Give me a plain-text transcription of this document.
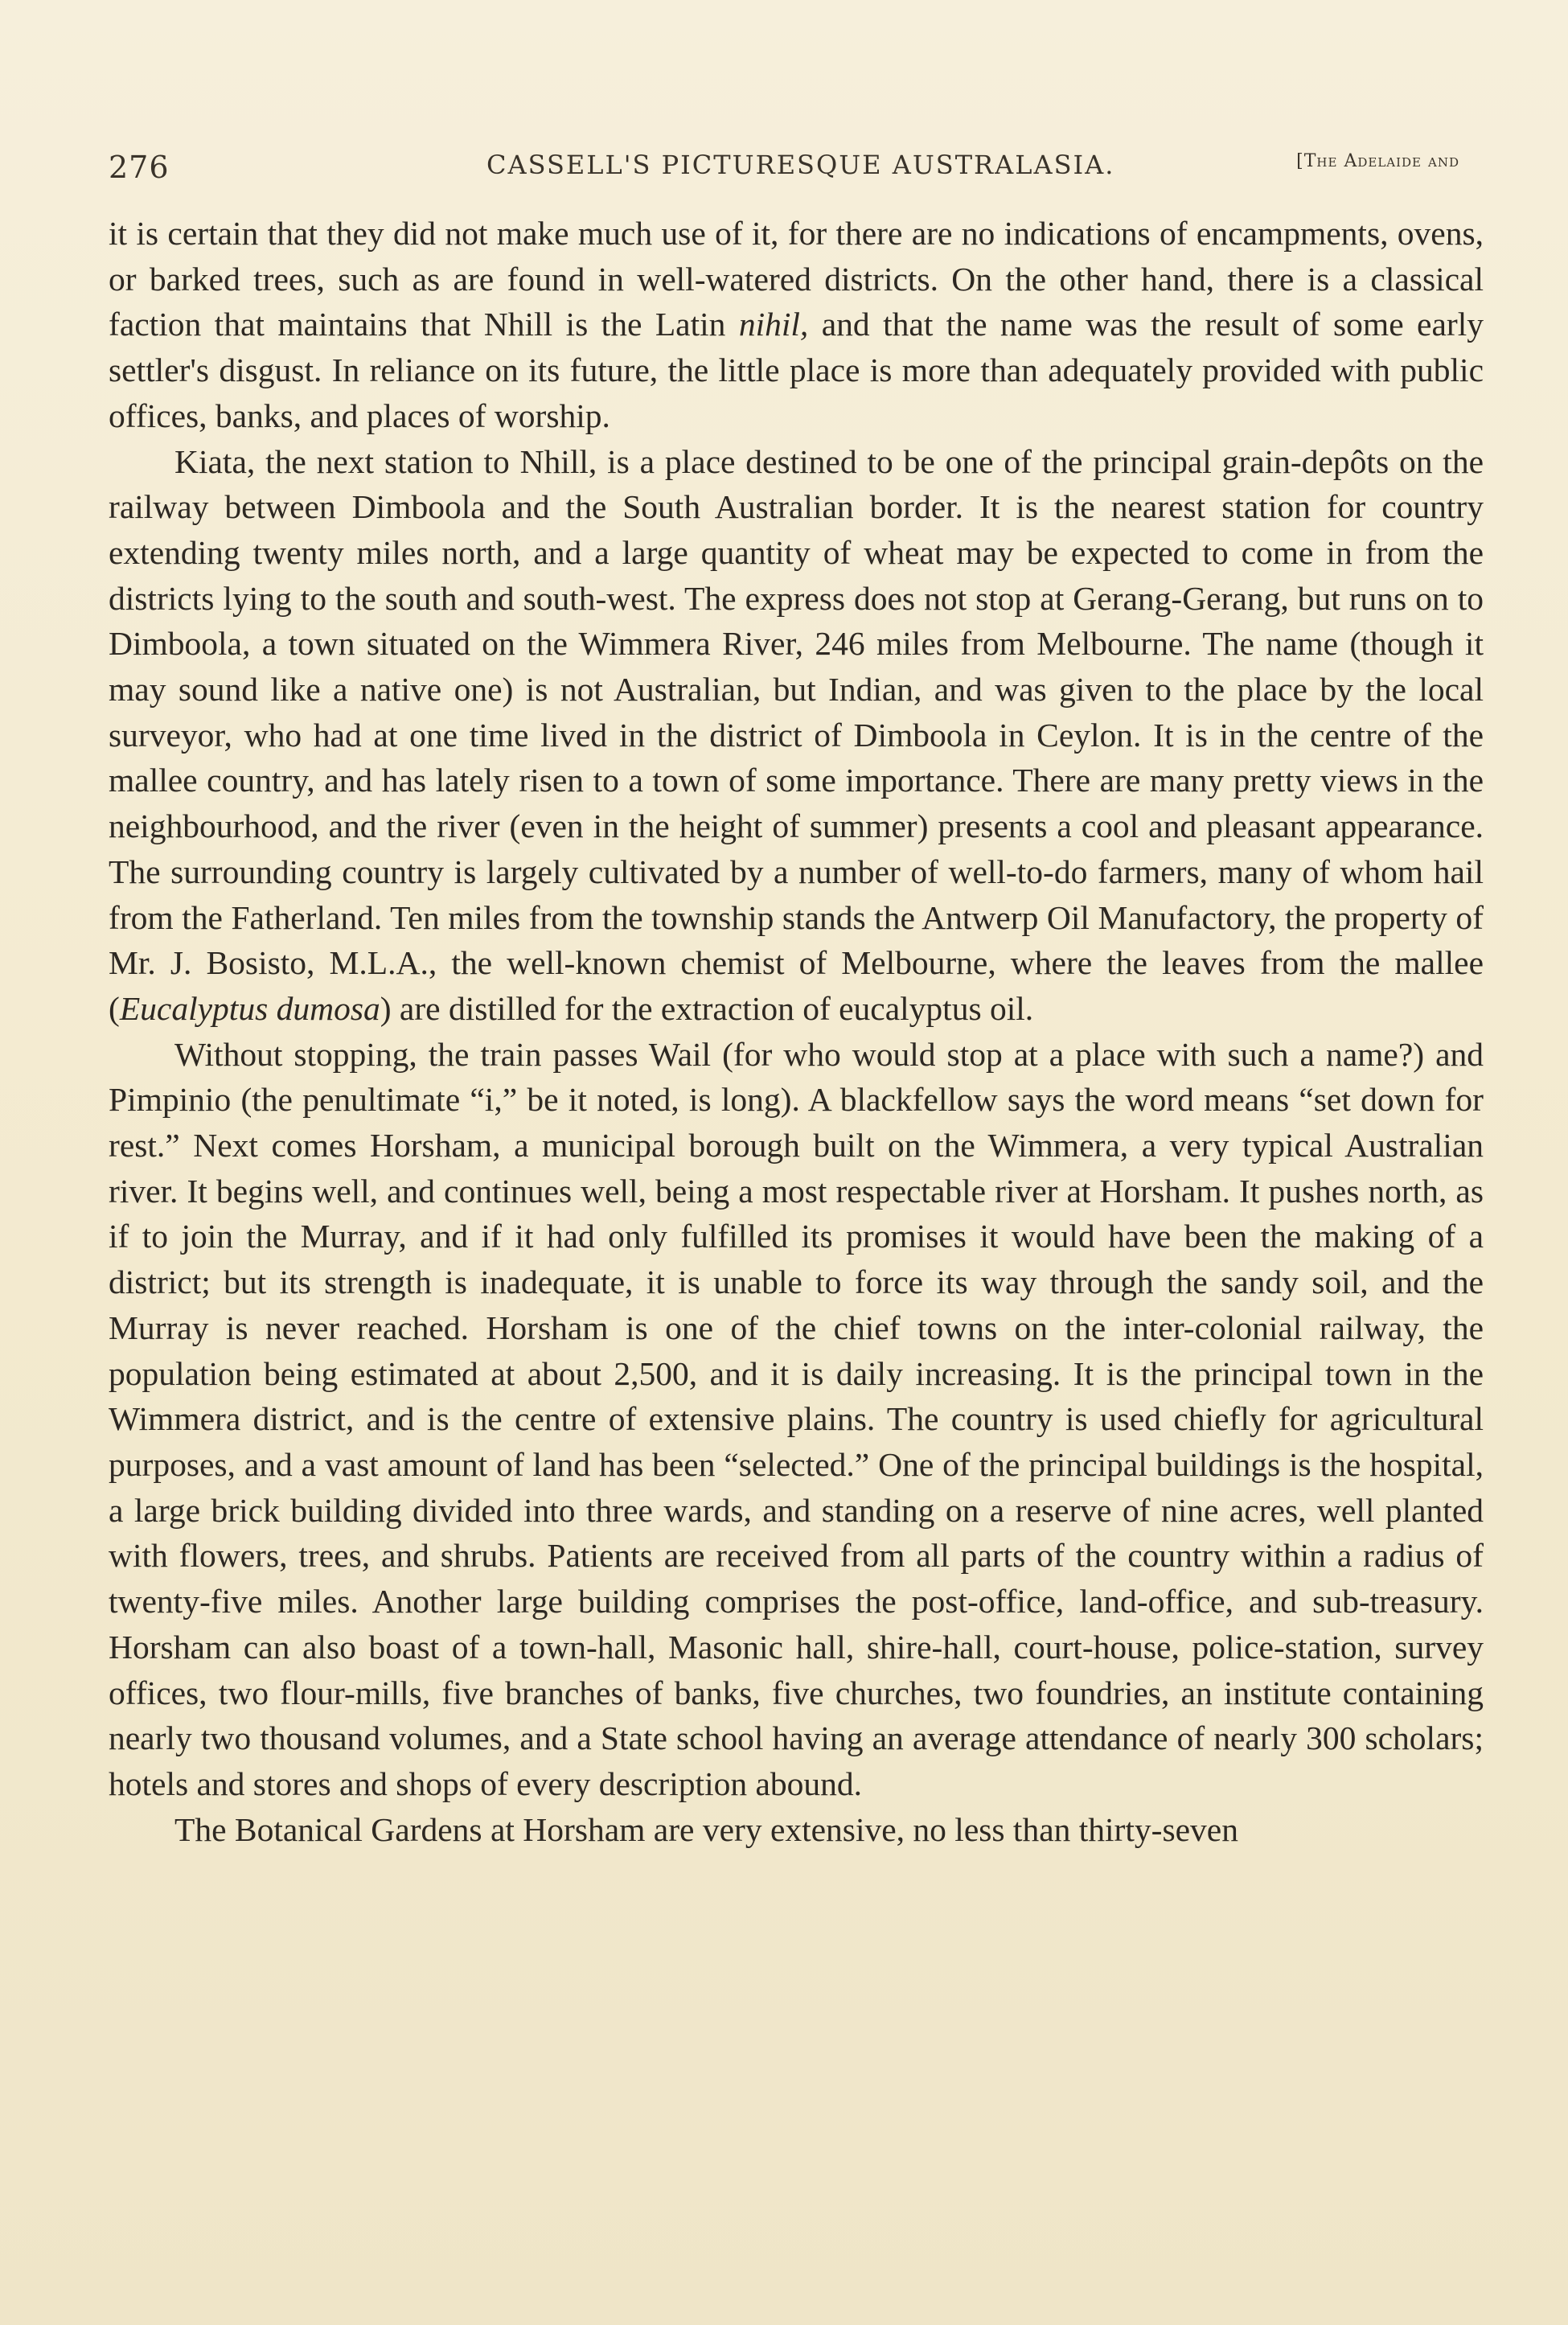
276	CASSELL'S PICTURESQUE AUSTRALASIA.	[The Adelaide and

it is certain that they did not make much use of it, for there are no indications of encampments, ovens, or barked trees, such as are found in well-watered districts. On the other hand, there is a classical faction that maintains that Nhill is the Latin nihil, and that the name was the result of some early settler's disgust. In reliance on its future, the little place is more than adequately provided with public offices, banks, and places of worship.

Kiata, the next station to Nhill, is a place destined to be one of the principal grain-depôts on the railway between Dimboola and the South Australian border. It is the nearest station for country extending twenty miles north, and a large quantity of wheat may be expected to come in from the districts lying to the south and south-west. The express does not stop at Gerang-Gerang, but runs on to Dimboola, a town situated on the Wimmera River, 246 miles from Melbourne. The name (though it may sound like a native one) is not Australian, but Indian, and was given to the place by the local surveyor, who had at one time lived in the district of Dimboola in Ceylon. It is in the centre of the mallee country, and has lately risen to a town of some importance. There are many pretty views in the neighbourhood, and the river (even in the height of summer) presents a cool and pleasant appearance. The surrounding country is largely cultivated by a number of well-to-do farmers, many of whom hail from the Fatherland. Ten miles from the township stands the Antwerp Oil Manufactory, the property of Mr. J. Bosisto, M.L.A., the well-known chemist of Melbourne, where the leaves from the mallee (Eucalyptus dumosa) are distilled for the extraction of eucalyptus oil.

Without stopping, the train passes Wail (for who would stop at a place with such a name?) and Pimpinio (the penultimate “i,” be it noted, is long). A blackfellow says the word means “set down for rest.” Next comes Horsham, a municipal borough built on the Wimmera, a very typical Australian river. It begins well, and continues well, being a most respectable river at Horsham. It pushes north, as if to join the Murray, and if it had only fulfilled its promises it would have been the making of a district; but its strength is inadequate, it is unable to force its way through the sandy soil, and the Murray is never reached. Horsham is one of the chief towns on the inter-colonial railway, the population being estimated at about 2,500, and it is daily increasing. It is the principal town in the Wimmera district, and is the centre of extensive plains. The country is used chiefly for agricultural purposes, and a vast amount of land has been “selected.” One of the principal buildings is the hospital, a large brick building divided into three wards, and standing on a reserve of nine acres, well planted with flowers, trees, and shrubs. Patients are received from all parts of the country within a radius of twenty-five miles. Another large building comprises the post-office, land-office, and sub-treasury. Horsham can also boast of a town-hall, Masonic hall, shire-hall, court-house, police-station, survey offices, two flour-mills, five branches of banks, five churches, two foundries, an institute containing nearly two thousand volumes, and a State school having an average attendance of nearly 300 scholars; hotels and stores and shops of every description abound.

The Botanical Gardens at Horsham are very extensive, no less than thirty-seven
